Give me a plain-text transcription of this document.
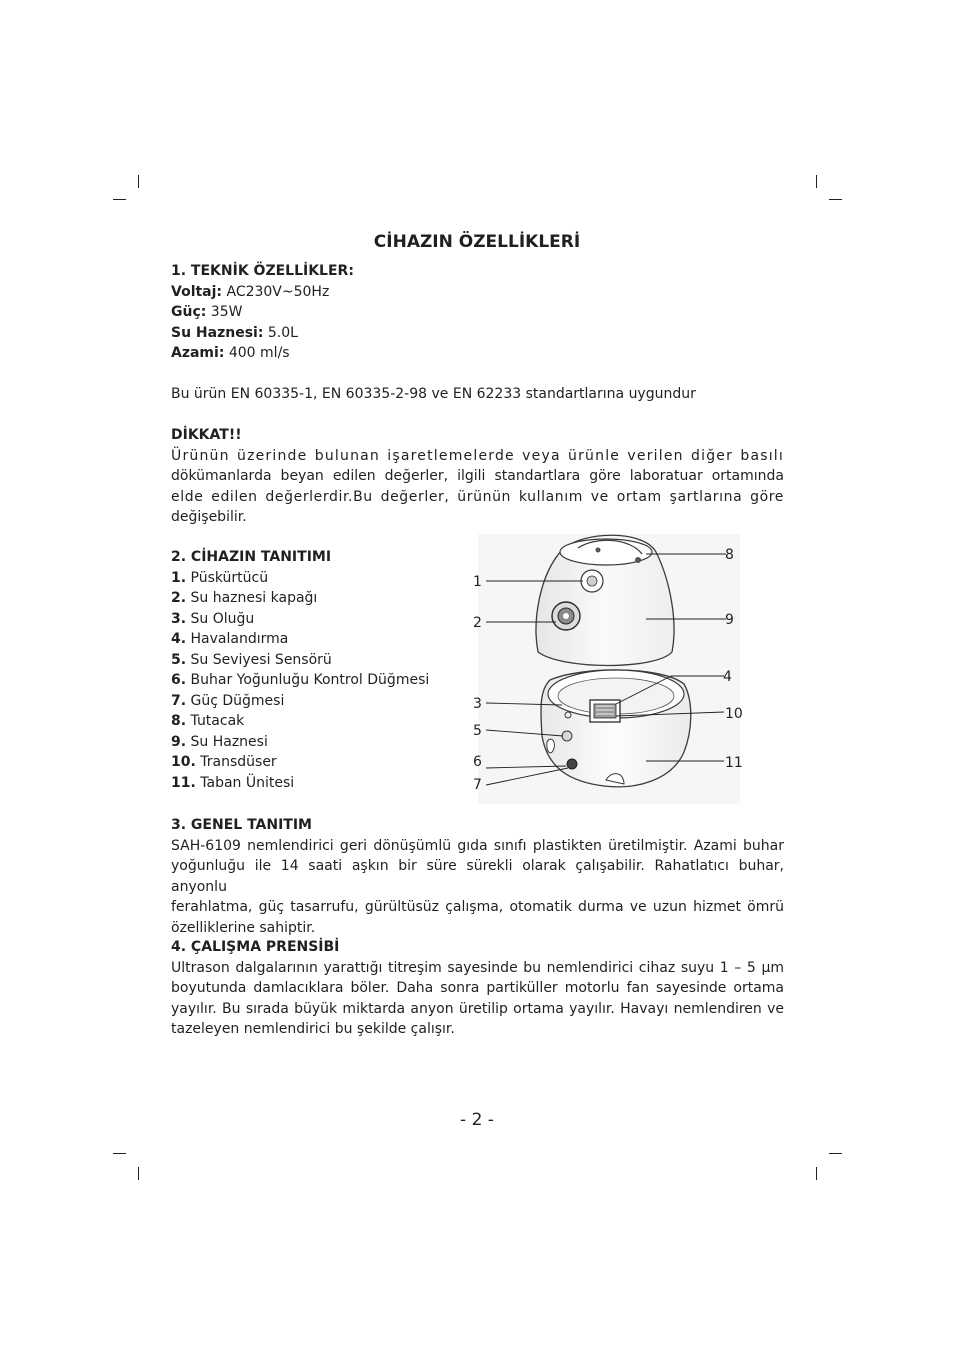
CİHAZIN ÖZELLİKLERİ
1. TEKNİK ÖZELLİKLER:
Voltaj: AC230V~50Hz
Güç: 35W
Su Haznesi: 5.0L
Azami: 400 ml/s
Bu ürün EN 60335-1, EN 60335-2-98 ve EN 62233 standartlarına uygundur
DİKKAT!!
Ürünün üzerinde bulunan işaretlemelerde veya ürünle verilen diğer basılı
dökümanlarda beyan edilen değerler, ilgili standartlara göre laboratuar ortamında
elde edilen değerlerdir.Bu değerler, ürünün kullanım ve ortam şartlarına göre
değişebilir.
2. CİHAZIN TANITIMI
1. Püskürtücü
2. Su haznesi kapağı
3. Su Oluğu
4. Havalandırma
5. Su Seviyesi Sensörü
6. Buhar Yoğunluğu Kontrol Düğmesi
7. Güç Düğmesi
8. Tutacak
9. Su Haznesi
10. Transdüser
11. Taban Ünitesi
1
2
3
4
5
6
7
8
9
10
11
3. GENEL TANITIM
SAH-6109 nemlendirici geri dönüşümlü gıda sınıfı plastikten üretilmiştir. Azami buhar
yoğunluğu ile 14 saati aşkın bir süre sürekli olarak çalışabilir. Rahatlatıcı buhar, anyonlu
ferahlatma, güç tasarrufu, gürültüsüz çalışma, otomatik durma ve uzun hizmet ömrü
özelliklerine sahiptir.
4. ÇALIŞMA PRENSİBİ
Ultrason dalgalarının yarattığı titreşim sayesinde bu nemlendirici cihaz suyu 1 – 5 μm
boyutunda damlacıklara böler. Daha sonra partiküller motorlu fan sayesinde ortama
yayılır. Bu sırada büyük miktarda anyon üretilip ortama yayılır. Havayı nemlendiren ve
tazeleyen nemlendirici bu şekilde çalışır.
- 2 -
